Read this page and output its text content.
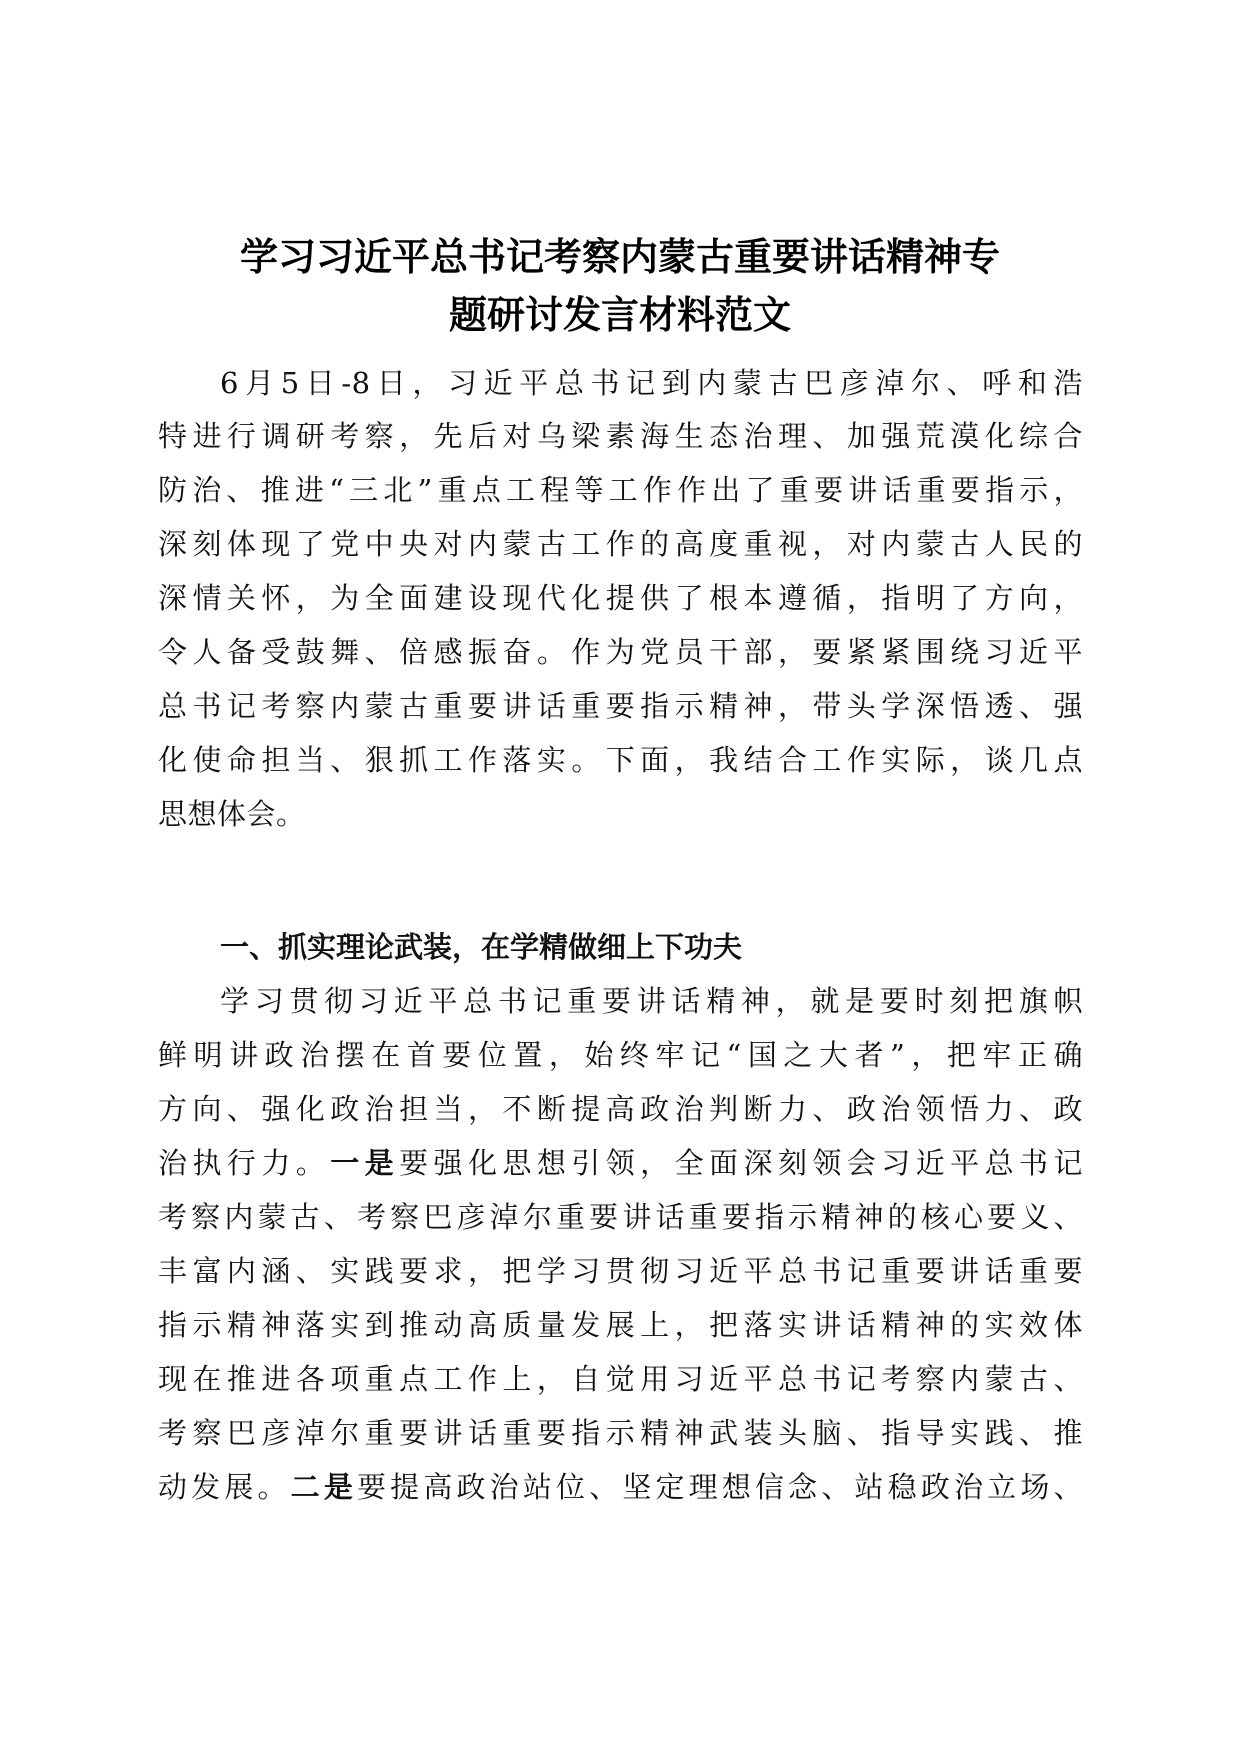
学习习近平总书记考察内蒙古重要讲话精神专
题研讨发言材料范文
6月5日-8日，习近平总书记到内蒙古巴彦淖尔、呼和浩
特进行调研考察，先后对乌梁素海生态治理、加强荒漠化综合
防治、推进“三北”重点工程等工作作出了重要讲话重要指示，
深刻体现了党中央对内蒙古工作的高度重视，对内蒙古人民的
深情关怀，为全面建设现代化提供了根本遵循，指明了方向，
令人备受鼓舞、倍感振奋。作为党员干部，要紧紧围绕习近平
总书记考察内蒙古重要讲话重要指示精神，带头学深悟透、强
化使命担当、狠抓工作落实。下面，我结合工作实际，谈几点
思想体会。
一、抓实理论武装，在学精做细上下功夫
学习贯彻习近平总书记重要讲话精神，就是要时刻把旗帜
鲜明讲政治摆在首要位置，始终牢记“国之大者”，把牢正确
方向、强化政治担当，不断提高政治判断力、政治领悟力、政
治执行力。一是要强化思想引领，全面深刻领会习近平总书记
考察内蒙古、考察巴彦淖尔重要讲话重要指示精神的核心要义、
丰富内涵、实践要求，把学习贯彻习近平总书记重要讲话重要
指示精神落实到推动高质量发展上，把落实讲话精神的实效体
现在推进各项重点工作上，自觉用习近平总书记考察内蒙古、
考察巴彦淖尔重要讲话重要指示精神武装头脑、指导实践、推
动发展。二是要提高政治站位、坚定理想信念、站稳政治立场、
